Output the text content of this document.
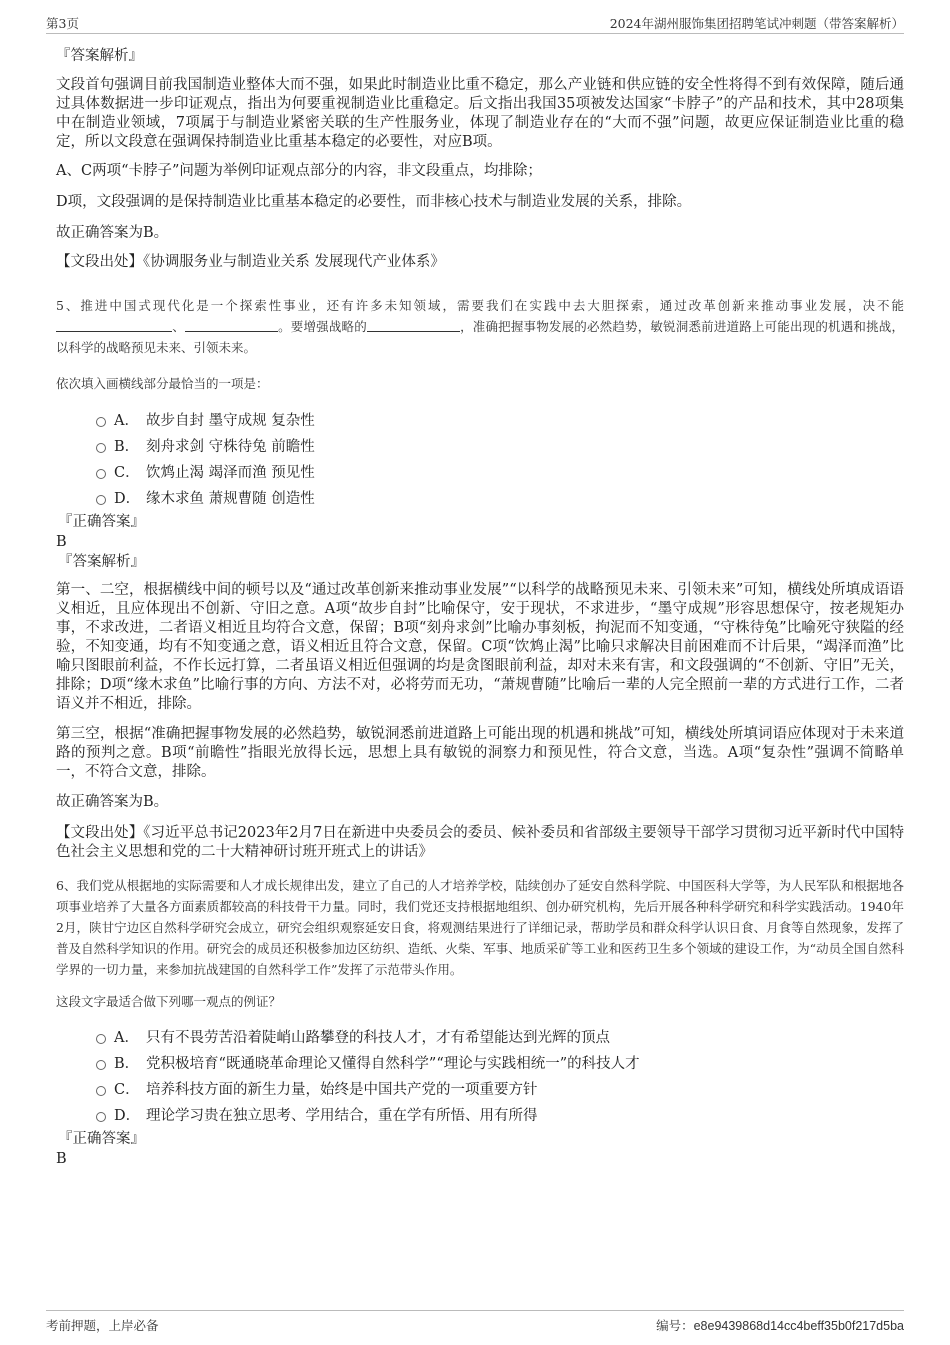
第3页	2024年湖州服饰集团招聘笔试冲刺题（带答案解析）

『答案解析』

文段首句强调目前我国制造业整体大而不强，如果此时制造业比重不稳定，那么产业链和供应链的安全性将得不到有效保障，随后通过具体数据进一步印证观点，指出为何要重视制造业比重稳定。后文指出我国35项被发达国家“卡脖子”的产品和技术，其中28项集中在制造业领域，7项属于与制造业紧密关联的生产性服务业，体现了制造业存在的“大而不强”问题，故更应保证制造业比重的稳定，所以文段意在强调保持制造业比重基本稳定的必要性，对应B项。

A、C两项“卡脖子”问题为举例印证观点部分的内容，非文段重点，均排除；

D项，文段强调的是保持制造业比重基本稳定的必要性，而非核心技术与制造业发展的关系，排除。

故正确答案为B。

【文段出处】《协调服务业与制造业关系 发展现代产业体系》

5、推进中国式现代化是一个探索性事业，还有许多未知领域，需要我们在实践中去大胆探索，通过改革创新来推动事业发展，决不能 、	。要增强战略的	，准确把握事物发展的必然趋势，敏锐洞悉前进道路上可能出现的机遇和挑战，以科学的战略预见未来、引领未来。

依次填入画横线部分最恰当的一项是：

A． 故步自封 墨守成规 复杂性
B． 刻舟求剑 守株待兔 前瞻性
C． 饮鸩止渴 竭泽而渔 预见性
D． 缘木求鱼 萧规曹随 创造性

『正确答案』

B

『答案解析』

第一、二空，根据横线中间的顿号以及“通过改革创新来推动事业发展”“以科学的战略预见未来、引领未来”可知，横线处所填成语语义相近，且应体现出不创新、守旧之意。A项“故步自封”比喻保守，安于现状，不求进步，“墨守成规”形容思想保守，按老规矩办事，不求改进，二者语义相近且均符合文意，保留；B项“刻舟求剑”比喻办事刻板，拘泥而不知变通，“守株待兔”比喻死守狭隘的经验，不知变通，均有不知变通之意，语义相近且符合文意，保留。C项“饮鸩止渴”比喻只求解决目前困难而不计后果，“竭泽而渔”比喻只图眼前利益，不作长远打算，二者虽语义相近但强调的均是贪图眼前利益，却对未来有害，和文段强调的“不创新、守旧”无关，排除；D项“缘木求鱼”比喻行事的方向、方法不对，必将劳而无功，“萧规曹随”比喻后一辈的人完全照前一辈的方式进行工作，二者语义并不相近，排除。

第三空，根据“准确把握事物发展的必然趋势，敏锐洞悉前进道路上可能出现的机遇和挑战”可知，横线处所填词语应体现对于未来道路的预判之意。B项“前瞻性”指眼光放得长远，思想上具有敏锐的洞察力和预见性，符合文意，当选。A项“复杂性”强调不简略单一，不符合文意，排除。

故正确答案为B。

【文段出处】《习近平总书记2023年2月7日在新进中央委员会的委员、候补委员和省部级主要领导干部学习贯彻习近平新时代中国特色社会主义思想和党的二十大精神研讨班开班式上的讲话》

6、我们党从根据地的实际需要和人才成长规律出发，建立了自己的人才培养学校，陆续创办了延安自然科学院、中国医科大学等，为人民军队和根据地各项事业培养了大量各方面素质都较高的科技骨干力量。同时，我们党还支持根据地组织、创办研究机构，先后开展各种科学研究和科学实践活动。1940年2月，陕甘宁边区自然科学研究会成立，研究会组织观察延安日食，将观测结果进行了详细记录，帮助学员和群众科学认识日食、月食等自然现象，发挥了普及自然科学知识的作用。研究会的成员还积极参加边区纺织、造纸、火柴、军事、地质采矿等工业和医药卫生多个领域的建设工作，为“动员全国自然科学界的一切力量，来参加抗战建国的自然科学工作”发挥了示范带头作用。

这段文字最适合做下列哪一观点的例证？

A． 只有不畏劳苦沿着陡峭山路攀登的科技人才，才有希望能达到光辉的顶点
B． 党积极培育“既通晓革命理论又懂得自然科学”“理论与实践相统一”的科技人才
C． 培养科技方面的新生力量，始终是中国共产党的一项重要方针
D． 理论学习贵在独立思考、学用结合，重在学有所悟、用有所得

『正确答案』

B

考前押题，上岸必备	编号：e8e9439868d14cc4beff35b0f217d5ba
